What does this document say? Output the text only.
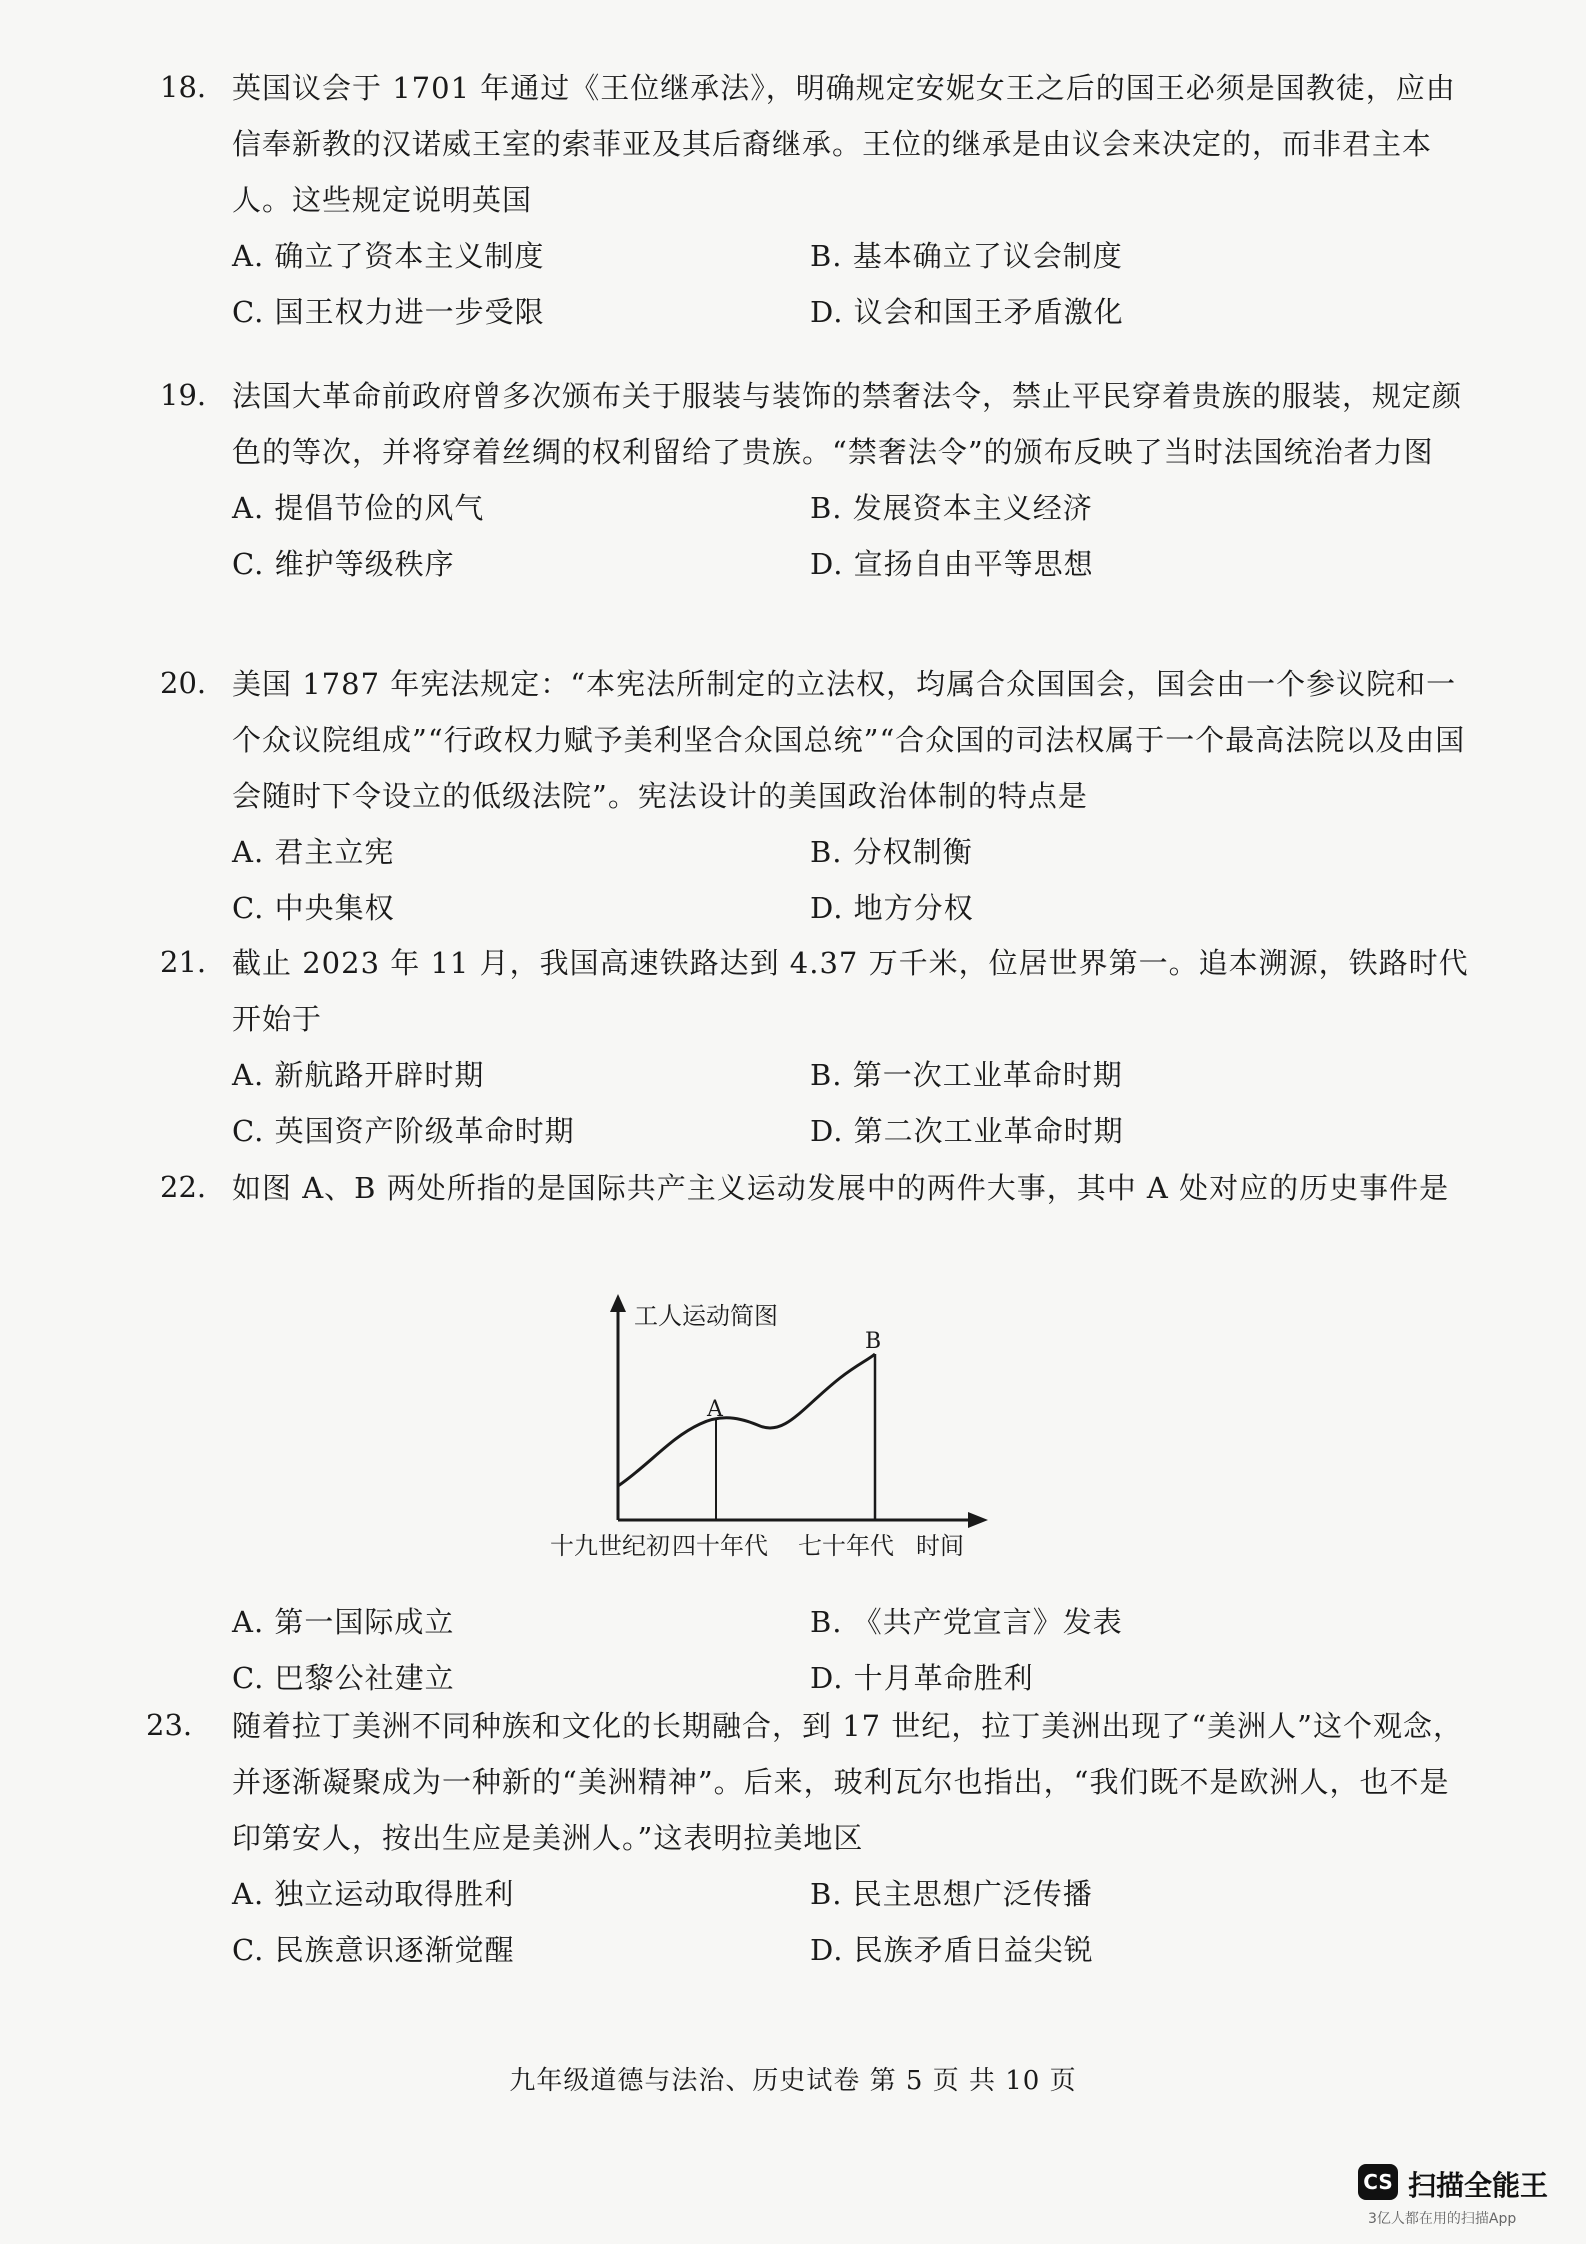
18. 英国议会于 1701 年通过《王位继承法》，明确规定安妮女王之后的国王必须是国教徒，应由信奉新教的汉诺威王室的索菲亚及其后裔继承。王位的继承是由议会来决定的，而非君主本人。这些规定说明英国
A. 确立了资本主义制度	B. 基本确立了议会制度
C. 国王权力进一步受限	D. 议会和国王矛盾激化
19. 法国大革命前政府曾多次颁布关于服装与装饰的禁奢法令，禁止平民穿着贵族的服装，规定颜色的等次，并将穿着丝绸的权利留给了贵族。“禁奢法令”的颁布反映了当时法国统治者力图
A. 提倡节俭的风气	B. 发展资本主义经济
C. 维护等级秩序	D. 宣扬自由平等思想
20. 美国 1787 年宪法规定：“本宪法所制定的立法权，均属合众国国会，国会由一个参议院和一个众议院组成”“行政权力赋予美利坚合众国总统”“合众国的司法权属于一个最高法院以及由国会随时下令设立的低级法院”。宪法设计的美国政治体制的特点是
A. 君主立宪	B. 分权制衡
C. 中央集权	D. 地方分权
21. 截止 2023 年 11 月，我国高速铁路达到 4.37 万千米，位居世界第一。追本溯源，铁路时代开始于
A. 新航路开辟时期	B. 第一次工业革命时期
C. 英国资产阶级革命时期	D. 第二次工业革命时期
22. 如图 A、B 两处所指的是国际共产主义运动发展中的两件大事，其中 A 处对应的历史事件是
A. 第一国际成立	B. 《共产党宣言》发表
C. 巴黎公社建立	D. 十月革命胜利
工人运动简图
A
B
十九世纪初 四十年代 七十年代 时间
23. 随着拉丁美洲不同种族和文化的长期融合，到 17 世纪，拉丁美洲出现了“美洲人”这个观念，并逐渐凝聚成为一种新的“美洲精神”。后来，玻利瓦尔也指出，“我们既不是欧洲人，也不是印第安人，按出生应是美洲人。”这表明拉美地区
A. 独立运动取得胜利	B. 民主思想广泛传播
C. 民族意识逐渐觉醒	D. 民族矛盾日益尖锐
九年级道德与法治、历史试卷 第 5 页 共 10 页
CS 扫描全能王
3亿人都在用的扫描App
